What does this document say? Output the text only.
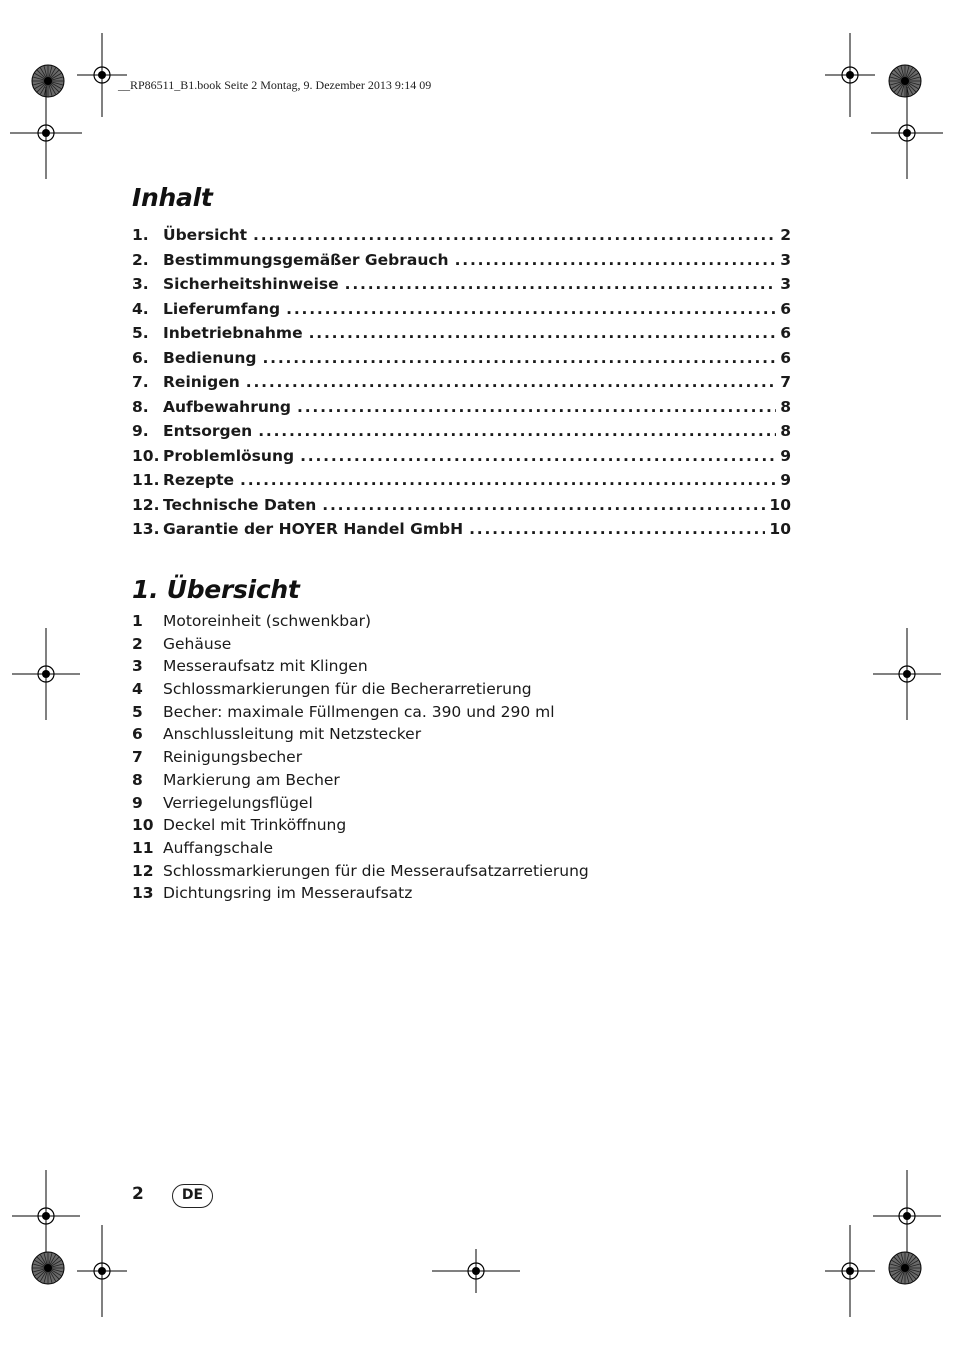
__RP86511_B1.book Seite 2 Montag, 9. Dezember 2013 9:14 09
Inhalt
1. Übersicht .....	2
2. Bestimmungsgemäßer Gebrauch .....	3
3. Sicherheitshinweise .....	3
4. Lieferumfang .....	6
5. Inbetriebnahme .....	6
6. Bedienung .....	6
7. Reinigen .....	7
8. Aufbewahrung .....	8
9. Entsorgen .....	8
10. Problemlösung .....	9
11. Rezepte .....	9
12. Technische Daten .....	10
13. Garantie der HOYER Handel GmbH .....	10
1. Übersicht
1	Motoreinheit (schwenkbar)
2	Gehäuse
3	Messeraufsatz mit Klingen
4	Schlossmarkierungen für die Becherarretierung
5	Becher: maximale Füllmengen ca. 390 und 290 ml
6	Anschlussleitung mit Netzstecker
7	Reinigungsbecher
8	Markierung am Becher
9	Verriegelungsflügel
10 Deckel mit Trinköffnung
11 Auffangschale
12 Schlossmarkierungen für die Messeraufsatzarretierung
13 Dichtungsring im Messeraufsatz
2	DE
